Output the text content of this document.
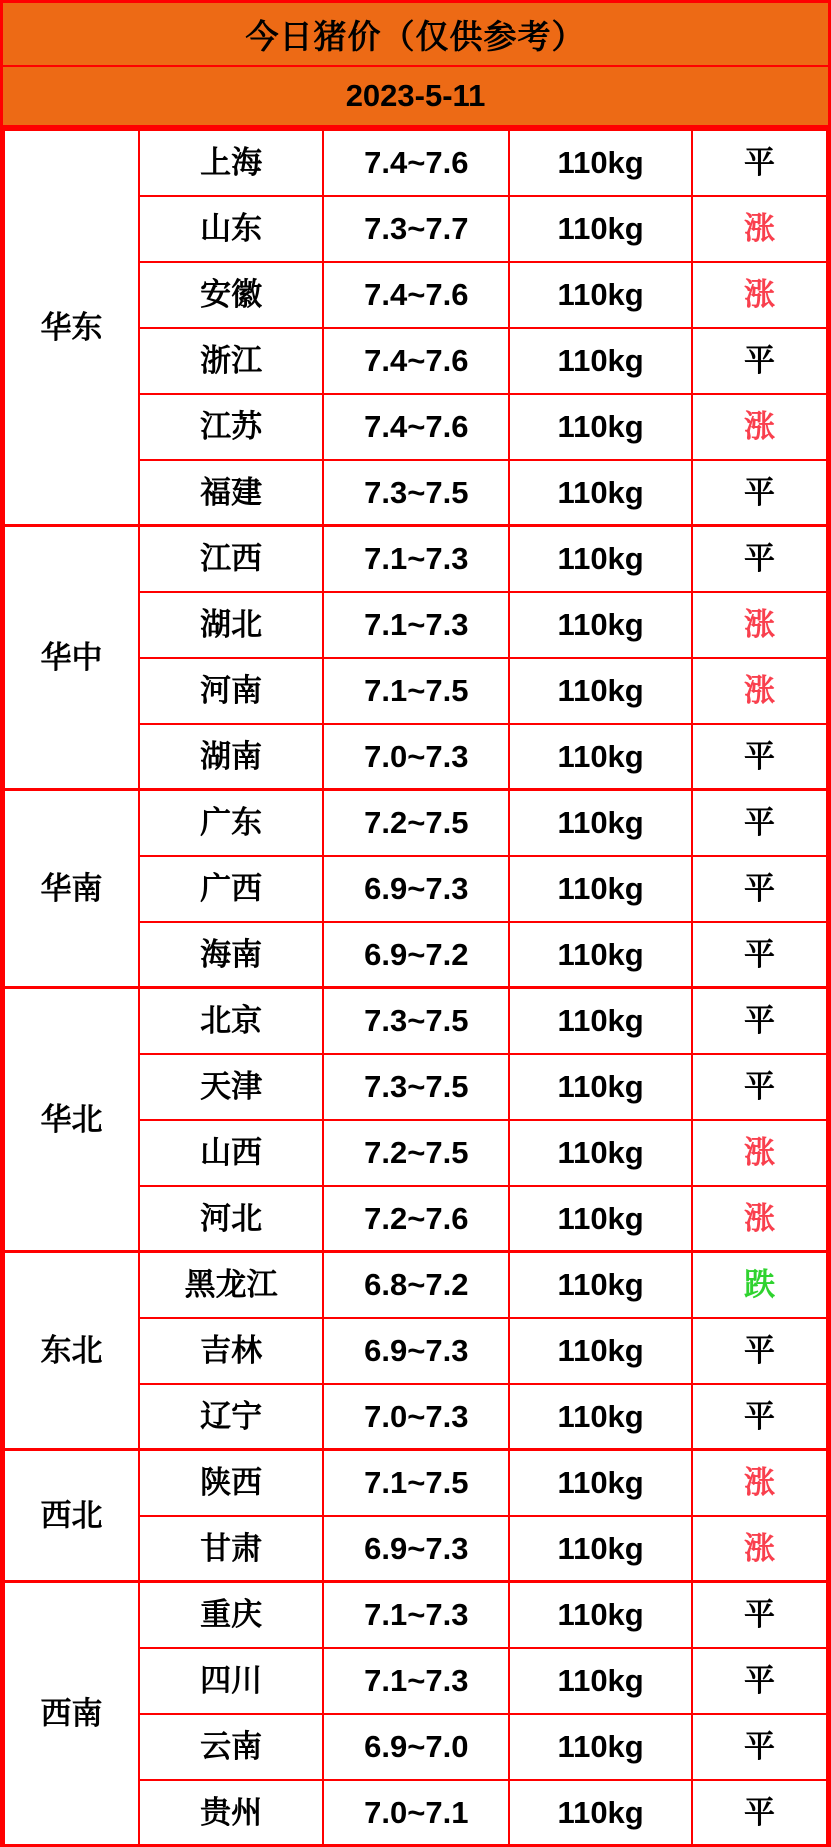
今日猪价（仅供参考）
2023-5-11
华东	上海	7.4~7.6	110kg	平
	山东	7.3~7.7	110kg	涨
	安徽	7.4~7.6	110kg	涨
	浙江	7.4~7.6	110kg	平
	江苏	7.4~7.6	110kg	涨
	福建	7.3~7.5	110kg	平
华中	江西	7.1~7.3	110kg	平
	湖北	7.1~7.3	110kg	涨
	河南	7.1~7.5	110kg	涨
	湖南	7.0~7.3	110kg	平
华南	广东	7.2~7.5	110kg	平
	广西	6.9~7.3	110kg	平
	海南	6.9~7.2	110kg	平
华北	北京	7.3~7.5	110kg	平
	天津	7.3~7.5	110kg	平
	山西	7.2~7.5	110kg	涨
	河北	7.2~7.6	110kg	涨
东北	黑龙江	6.8~7.2	110kg	跌
	吉林	6.9~7.3	110kg	平
	辽宁	7.0~7.3	110kg	平
西北	陕西	7.1~7.5	110kg	涨
	甘肃	6.9~7.3	110kg	涨
西南	重庆	7.1~7.3	110kg	平
	四川	7.1~7.3	110kg	平
	云南	6.9~7.0	110kg	平
	贵州	7.0~7.1	110kg	平
